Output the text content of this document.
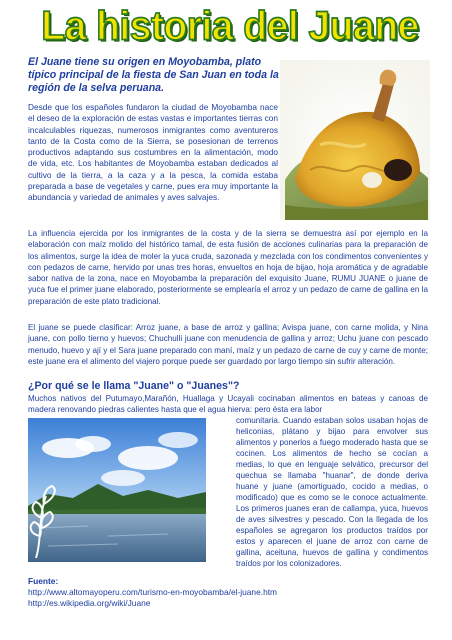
La historia del Juane
El Juane tiene su origen en Moyobamba, plato típico principal de la fiesta de San Juan en toda la región de la selva peruana.
Desde que los españoles fundaron la ciudad de Moyobamba nace el deseo de la exploración de estas vastas e importantes tierras con incalculables riquezas, numerosos inmigrantes como aventureros tanto de la Costa como de la Sierra, se posesionan de terrenos productivos adaptando sus costumbres en la alimentación, modo de vida, etc. Los habitantes de Moyobamba estaban dedicados al cultivo de la tierra, a la caza y a la pesca, la comida estaba preparada a base de vegetales y carne, pues era muy importante la abundancia y variedad de animales y aves salvajes.
La influencia ejercida por los inmigrantes de la costa y de la sierra se demuestra así por ejemplo en la elaboración con maíz molido del histórico tamal, de esta fusión de acciones culinarias para la preparación de los alimentos, surge la idea de moler la yuca cruda, sazonada y mezclada con los condimentos convenientes y con pedazos de carne, hervido por unas tres horas, envueltos en hoja de bijao, hoja aromática y de agradable sabor nativa de la zona, nace en Moyobamba la preparación del exquisito Juane, RUMU JUANE o juane de yuca fue el primer juane elaborado, posteriormente se emplearía el arroz y un pedazo de carne de gallina en la preparación de este plato tradicional.
El juane se puede clasificar: Arroz juane, a base de arroz y gallina; Avispa juane, con carne molida, y Nina juane, con pollo tierno y huevos; Chuchulli juane con menudencia de gallina y arroz; Uchu juane con pescado menudo, huevo y ají y el Sara juane preparado con maní, maíz y un pedazo de carne de cuy y carne de monte; este juane era el alimento del viajero porque puede ser guardado por largo tiempo sin sufrir alteración.
¿Por qué se le llama "Juane" o "Juanes"?
Muchos nativos del Putumayo,Marañón, Huallaga y Ucayali cocinaban alimentos en bateas y canoas de madera renovando piedras calientes hasta que el agua hierva: pero ésta era labor
comunitaria. Cuando estaban solos usaban hojas de heliconias, plátano y bijao para envolver sus alimentos y ponerlos a fuego moderado hasta que se cocinen. Los alimentos de hecho se cocían a medias, lo que en lenguaje selvático, precursor del quechua se llamaba "huanar", de donde deriva huane y juane (amortiguado, cocido a medias, o modificado) que es como se le conoce actualmente. Los primeros juanes eran de callampa, yuca, huevos de aves silvestres y pescado. Con la llegada de los españoles se agregaron los productos traídos por estos y aparecen el juane de arroz con carne de gallina, aceituna, huevos de gallina y condimentos traídos por los colonizadores.
Fuente:
http://www.altomayoperu.com/turismo-en-moyobamba/el-juane.htm
http://es.wikipedia.org/wiki/Juane
